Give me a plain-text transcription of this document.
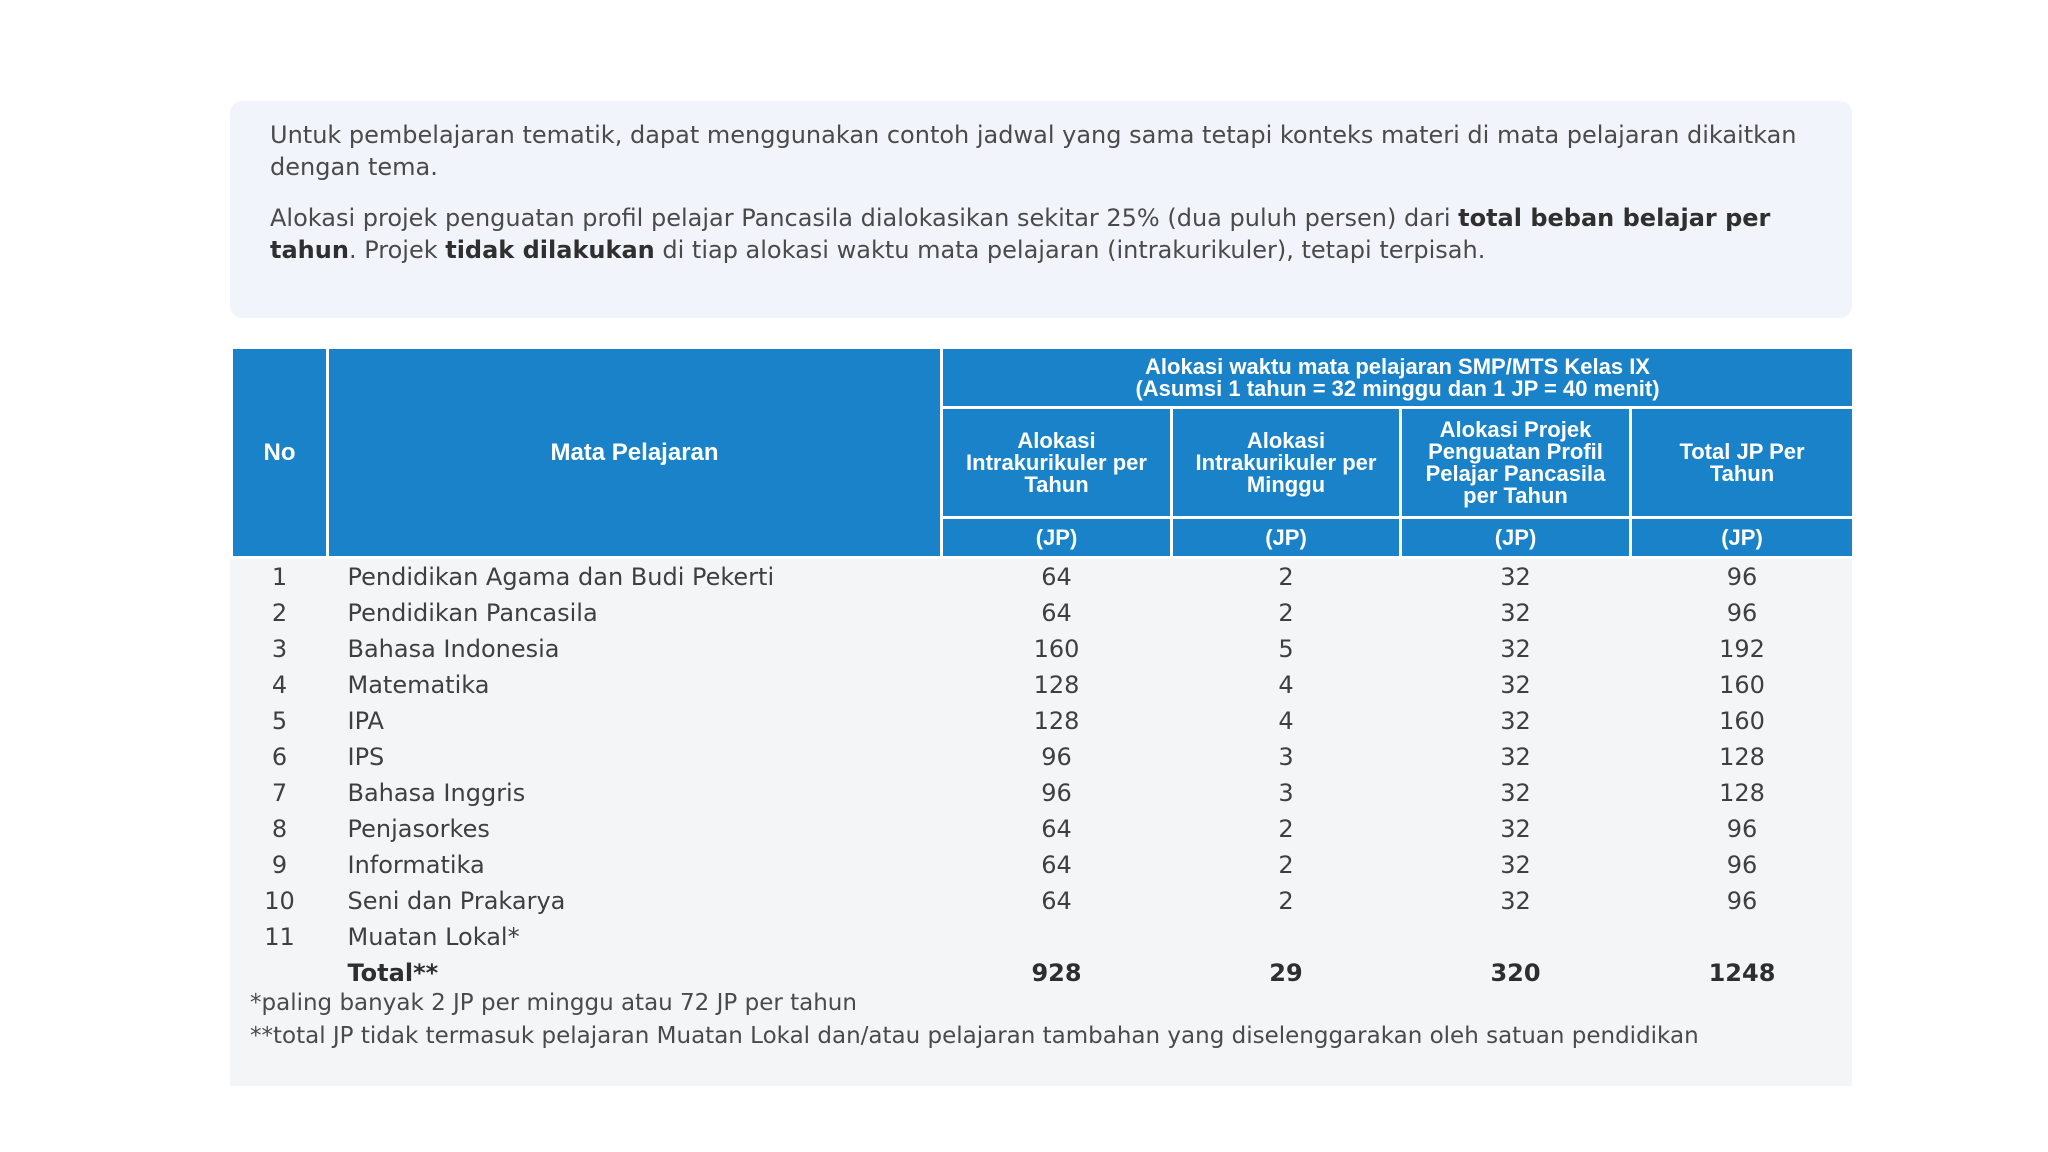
Untuk pembelajaran tematik, dapat menggunakan contoh jadwal yang sama tetapi konteks materi di mata pelajaran dikaitkan dengan tema.

Alokasi projek penguatan profil pelajar Pancasila dialokasikan sekitar 25% (dua puluh persen) dari total beban belajar per tahun. Projek tidak dilakukan di tiap alokasi waktu mata pelajaran (intrakurikuler), tetapi terpisah.

No	Mata Pelajaran	Alokasi waktu mata pelajaran SMP/MTS Kelas IX
(Asumsi 1 tahun = 32 minggu dan 1 JP = 40 menit)			

		Alokasi Intrakurikuler per Tahun	Alokasi Intrakurikuler per Minggu	Alokasi Projek Penguatan Profil Pelajar Pancasila per Tahun	Total JP Per Tahun
		(JP)	(JP)	(JP)	(JP)
1	Pendidikan Agama dan Budi Pekerti	64	2	32	96
2	Pendidikan Pancasila	64	2	32	96
3	Bahasa Indonesia	160	5	32	192
4	Matematika	128	4	32	160
5	IPA	128	4	32	160
6	IPS	96	3	32	128
7	Bahasa Inggris	96	3	32	128
8	Penjasorkes	64	2	32	96
9	Informatika	64	2	32	96
10	Seni dan Prakarya	64	2	32	96
11	Muatan Lokal*				
	Total**	928	29	320	1248
*paling banyak 2 JP per minggu atau 72 JP per tahun
**total JP tidak termasuk pelajaran Muatan Lokal dan/atau pelajaran tambahan yang diselenggarakan oleh satuan pendidikan
